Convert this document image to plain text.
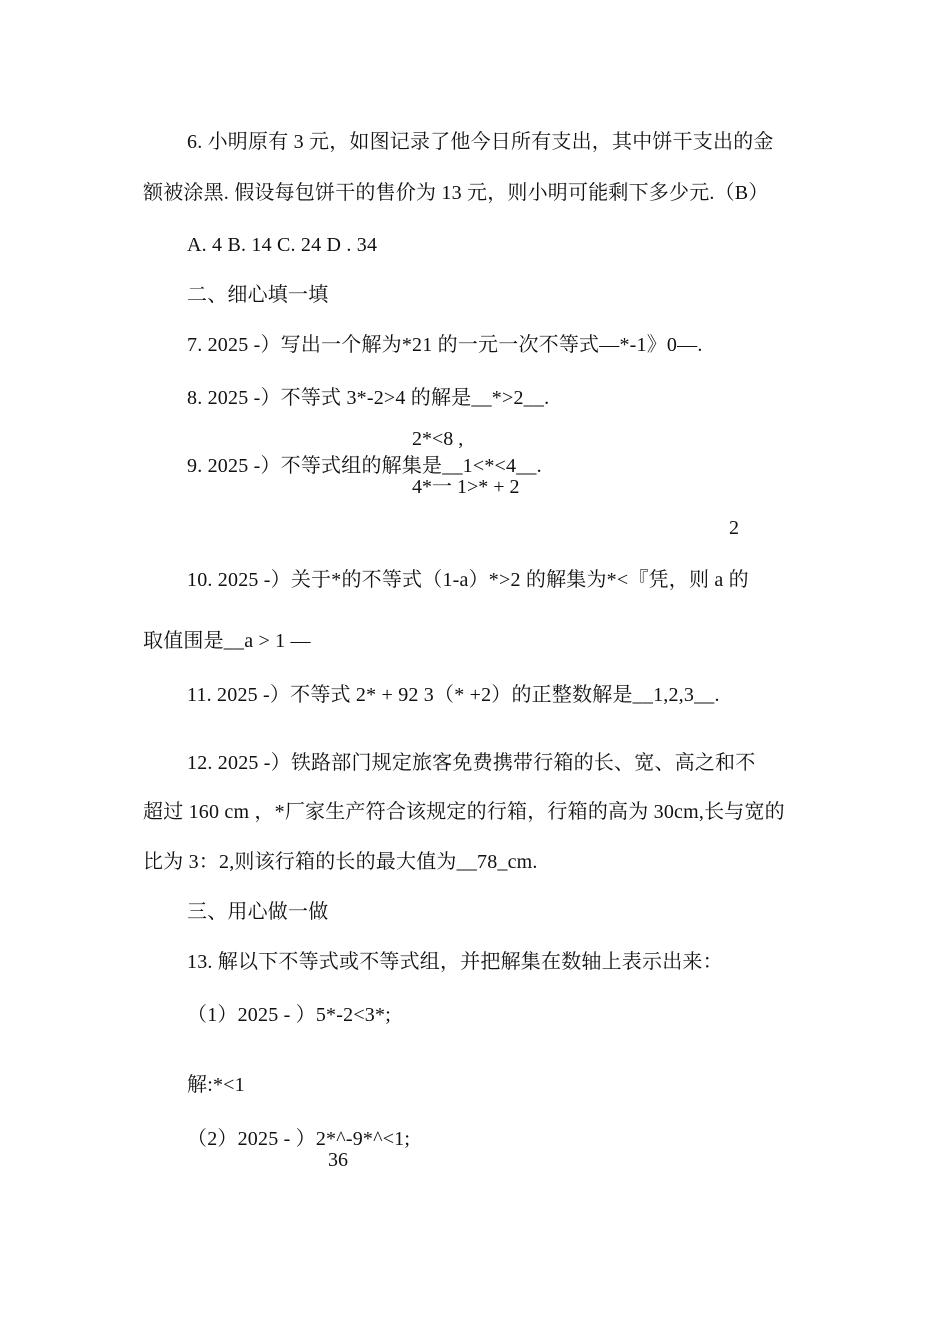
6. 小明原有 3 元，如图记录了他今日所有支出，其中饼干支出的金
额被涂黑. 假设每包饼干的售价为 13 元，则小明可能剩下多少元.（B）
A. 4 B. 14 C. 24 D . 34
二、细心填一填
7. 2025 -）写出一个解为*21 的一元一次不等式—*-1》0—.
8. 2025 -）不等式 3*-2>4 的解是__*>2__.
2*<8 ,
9. 2025 -）不等式组的解集是__1<*<4__.
4*一 1>* + 2
2
10. 2025 -）关于*的不等式（1-a）*>2 的解集为*<『凭，则 a 的
取值围是__a > 1 —
11. 2025 -）不等式 2* + 92 3（* +2）的正整数解是__1,2,3__.
12. 2025 -）铁路部门规定旅客免费携带行箱的长、宽、高之和不
超过 160 cm ，*厂家生产符合该规定的行箱，行箱的高为 30cm,长与宽的
比为 3：2,则该行箱的长的最大值为__78_cm.
三、用心做一做
13. 解以下不等式或不等式组，并把解集在数轴上表示出来：
（1）2025 - ）5*-2<3*;
解:*<1
（2）2025 - ）2*^-9*^<1;
36
